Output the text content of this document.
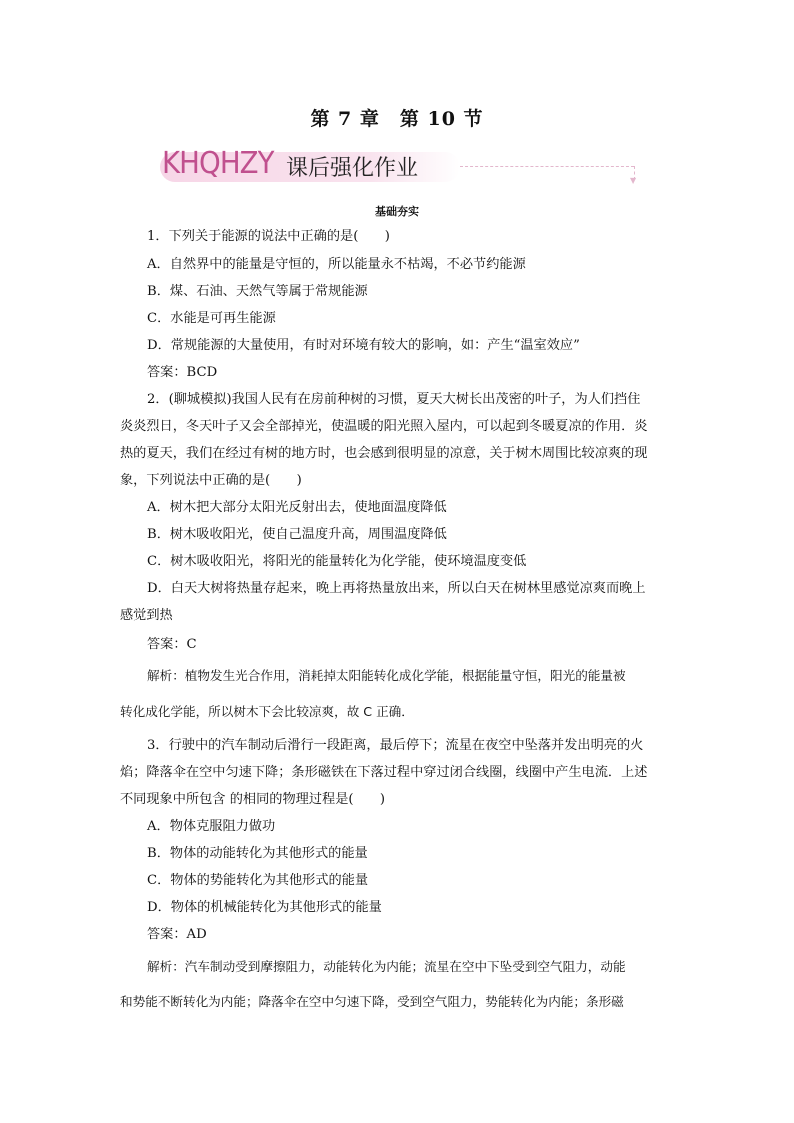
第 7 章　第 10 节
KHQHZY 课后强化作业	▼
基础夯实
1．下列关于能源的说法中正确的是(　　)
A．自然界中的能量是守恒的，所以能量永不枯竭，不必节约能源
B．煤、石油、天然气等属于常规能源
C．水能是可再生能源
D．常规能源的大量使用，有时对环境有较大的影响，如：产生“温室效应”
答案：BCD
2．(聊城模拟)我国人民有在房前种树的习惯，夏天大树长出茂密的叶子，为人们挡住
炎炎烈日，冬天叶子又会全部掉光，使温暖的阳光照入屋内，可以起到冬暖夏凉的作用．炎
热的夏天，我们在经过有树的地方时，也会感到很明显的凉意，关于树木周围比较凉爽的现
象，下列说法中正确的是(　　)
A．树木把大部分太阳光反射出去，使地面温度降低
B．树木吸收阳光，使自己温度升高，周围温度降低
C．树木吸收阳光，将阳光的能量转化为化学能，使环境温度变低
D．白天大树将热量存起来，晚上再将热量放出来，所以白天在树林里感觉凉爽而晚上
感觉到热
答案：C
解析：植物发生光合作用，消耗掉太阳能转化成化学能，根据能量守恒，阳光的能量被
转化成化学能，所以树木下会比较凉爽，故 C 正确．
3．行驶中的汽车制动后滑行一段距离，最后停下；流星在夜空中坠落并发出明亮的火
焰；降落伞在空中匀速下降；条形磁铁在下落过程中穿过闭合线圈，线圈中产生电流．上述
不同现象中所包含 的相同的物理过程是(　　)
A．物体克服阻力做功
B．物体的动能转化为其他形式的能量
C．物体的势能转化为其他形式的能量
D．物体的机械能转化为其他形式的能量
答案：AD
解析：汽车制动受到摩擦阻力，动能转化为内能；流星在空中下坠受到空气阻力，动能
和势能不断转化为内能；降落伞在空中匀速下降，受到空气阻力，势能转化为内能；条形磁
